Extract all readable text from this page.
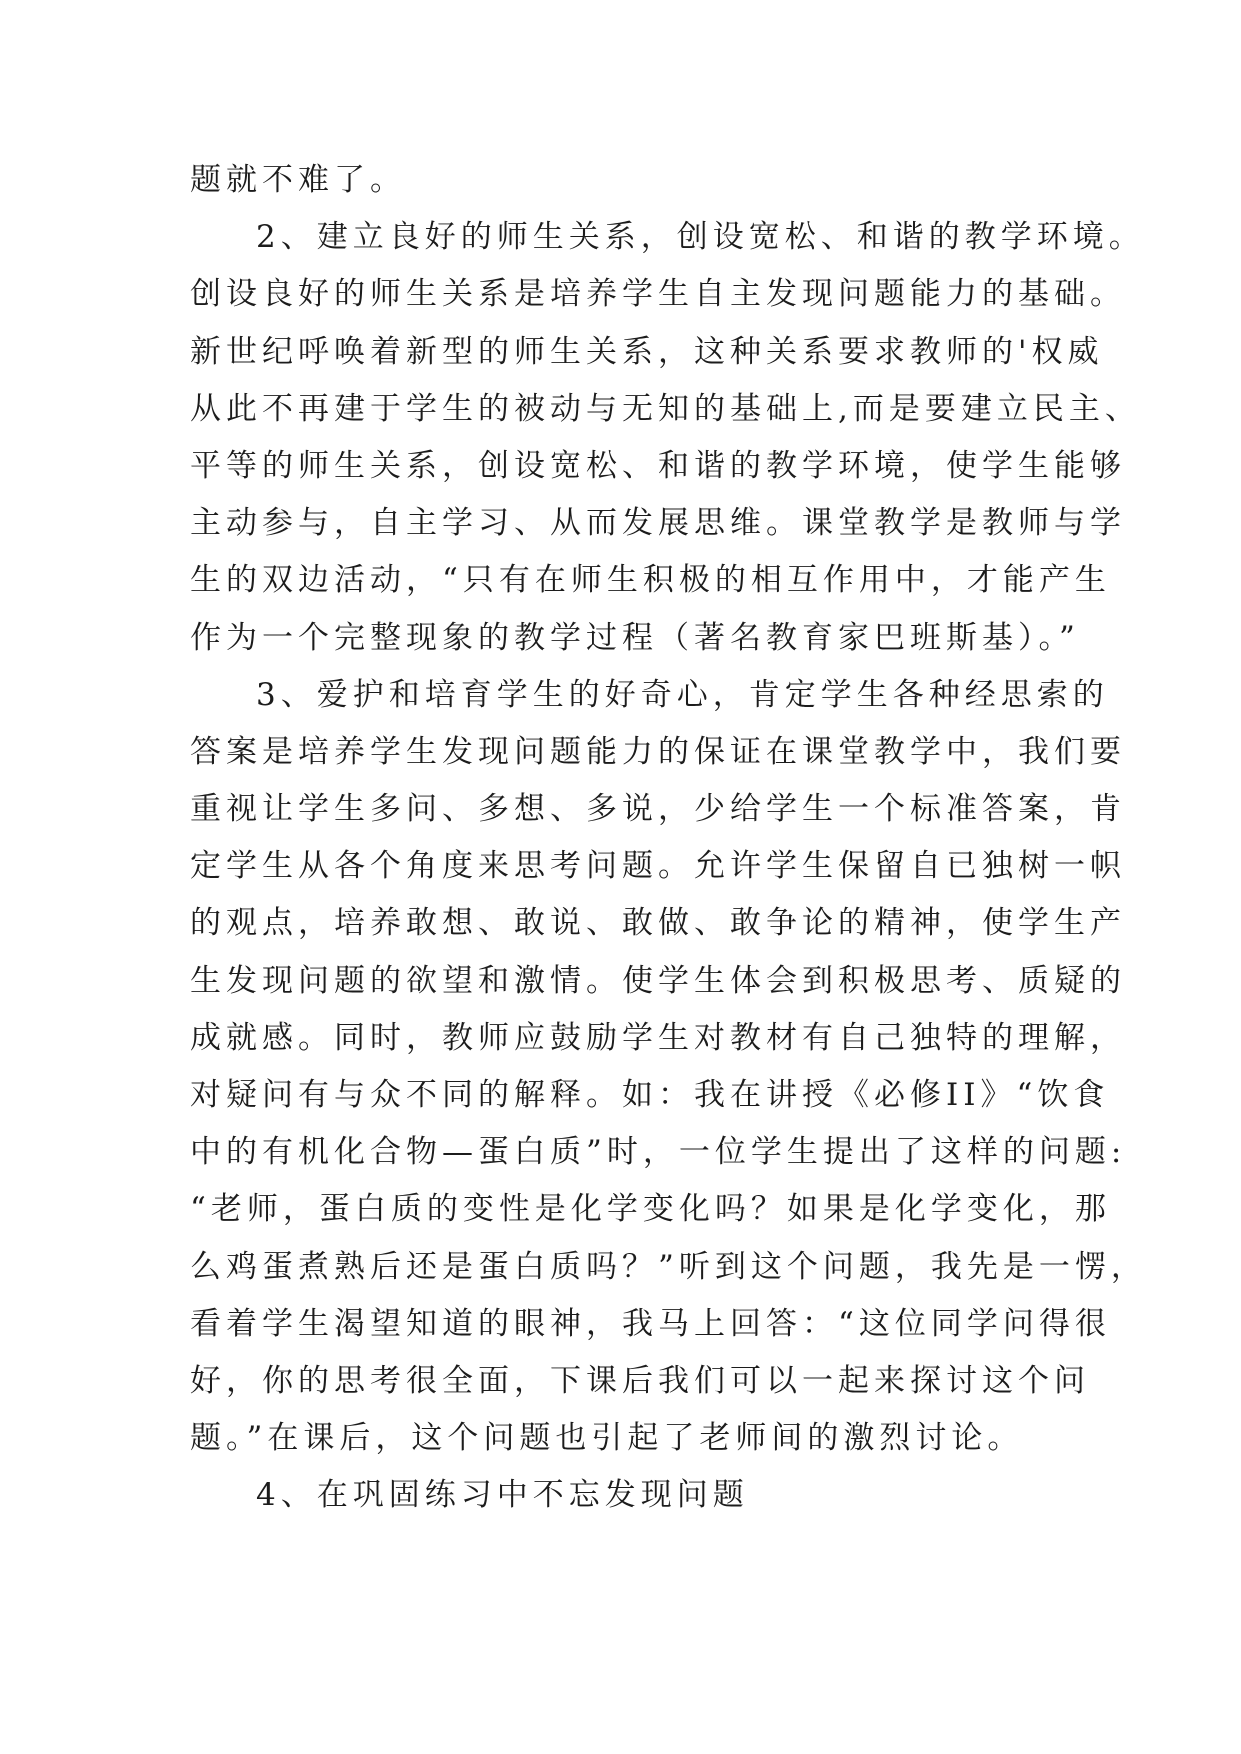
题就不难了。
2、建立良好的师生关系，创设宽松、和谐的教学环境。
创设良好的师生关系是培养学生自主发现问题能力的基础。
新世纪呼唤着新型的师生关系，这种关系要求教师的'权威
从此不再建于学生的被动与无知的基础上,而是要建立民主、
平等的师生关系，创设宽松、和谐的教学环境，使学生能够
主动参与，自主学习、从而发展思维。课堂教学是教师与学
生的双边活动，“只有在师生积极的相互作用中，才能产生
作为一个完整现象的教学过程（著名教育家巴班斯基）。”
3、爱护和培育学生的好奇心，肯定学生各种经思索的
答案是培养学生发现问题能力的保证在课堂教学中，我们要
重视让学生多问、多想、多说，少给学生一个标准答案，肯
定学生从各个角度来思考问题。允许学生保留自已独树一帜
的观点，培养敢想、敢说、敢做、敢争论的精神，使学生产
生发现问题的欲望和激情。使学生体会到积极思考、质疑的
成就感。同时，教师应鼓励学生对教材有自己独特的理解，
对疑问有与众不同的解释。如：我在讲授《必修II》“饮食
中的有机化合物—蛋白质”时，一位学生提出了这样的问题:
“老师，蛋白质的变性是化学变化吗？如果是化学变化，那
么鸡蛋煮熟后还是蛋白质吗？”听到这个问题，我先是一愣，
看着学生渴望知道的眼神，我马上回答：“这位同学问得很
好，你的思考很全面，下课后我们可以一起来探讨这个问
题。”在课后，这个问题也引起了老师间的激烈讨论。
4、在巩固练习中不忘发现问题
